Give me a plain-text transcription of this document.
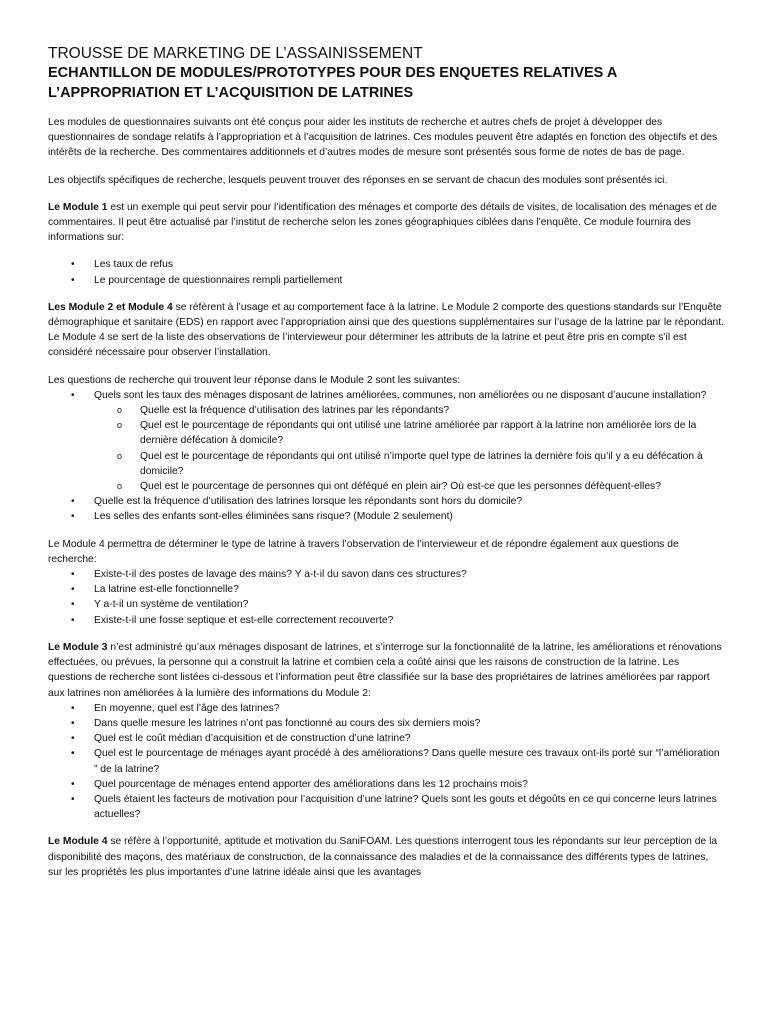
TROUSSE DE MARKETING DE L’ASSAINISSEMENT
ECHANTILLON DE MODULES/PROTOTYPES POUR DES ENQUETES RELATIVES A
L’APPROPRIATION ET L’ACQUISITION DE LATRINES

Les modules de questionnaires suivants ont été conçus pour aider les instituts de recherche et autres chefs de projet à développer des questionnaires de sondage relatifs à l’appropriation et à l’acquisition de latrines. Ces modules peuvent être adaptés en fonction des objectifs et des intérêts de la recherche. Des commentaires additionnels et d’autres modes de mesure sont présentés sous forme de notes de bas de page.

Les objectifs spécifiques de recherche, lesquels peuvent trouver des réponses en se servant de chacun des modules sont présentés ici.

Le Module 1 est un exemple qui peut servir pour l’identification des ménages et comporte des détails de visites, de localisation des ménages et de commentaires. Il peut être actualisé par l’institut de recherche selon les zones géographiques ciblées dans l’enquête. Ce module fournira des informations sur:

• Les taux de refus
• Le pourcentage de questionnaires rempli partiellement

Les Module 2 et Module 4 se réfèrent à l’usage et au comportement face à la latrine. Le Module 2 comporte des questions standards sur l’Enquête démographique et sanitaire (EDS) en rapport avec l’appropriation ainsi que des questions supplémentaires sur l’usage de la latrine par le répondant. Le Module 4 se sert de la liste des observations de l’intervieweur pour déterminer les attributs de la latrine et peut être pris en compte s’il est considéré nécessaire pour observer l’installation.

Les questions de recherche qui trouvent leur réponse dans le Module 2 sont les suivantes:

• Quels sont les taux des ménages disposant de latrines améliorées, communes, non améliorées ou ne disposant d’aucune installation?
o Quelle est la fréquence d’utilisation des latrines par les répondants?
o Quel est le pourcentage de répondants qui ont utilisé une latrine améliorée par rapport à la latrine non améliorée lors de la dernière défécation à domicile?
o Quel est le pourcentage de répondants qui ont utilisé n’importe quel type de latrines la dernière fois qu’il y a eu défécation à domicile?
o Quel est le pourcentage de personnes qui ont déféqué en plein air? Où est-ce que les personnes défèquent-elles?
• Quelle est la fréquence d’utilisation des latrines lorsque les répondants sont hors du domicile?
• Les selles des enfants sont-elles éliminées sans risque? (Module 2 seulement)

Le Module 4 permettra de déterminer le type de latrine à travers l’observation de l’intervieweur et de répondre également aux questions de recherche:

• Existe-t-il des postes de lavage des mains? Y a-t-il du savon dans ces structures?
• La latrine est-elle fonctionnelle?
• Y a-t-il un système de ventilation?
• Existe-t-il une fosse septique et est-elle correctement recouverte?

Le Module 3 n’est administré qu’aux ménages disposant de latrines, et s’interroge sur la fonctionnalité de la latrine, les améliorations et rénovations effectuées, ou prévues, la personne qui a construit la latrine et combien cela a coûté ainsi que les raisons de construction de la latrine. Les questions de recherche sont listées ci-dessous et l’information peut être classifiée sur la base des propriétaires de latrines améliorées par rapport aux latrines non améliorées à la lumière des informations du Module 2:

• En moyenne, quel est l’âge des latrines?
• Dans quelle mesure les latrines n’ont pas fonctionné au cours des six derniers mois?
• Quel est le coût médian d’acquisition et de construction d’une latrine?
• Quel est le pourcentage de ménages ayant procédé à des améliorations? Dans quelle mesure ces travaux ont-ils porté sur “l’amélioration ” de la latrine?
• Quel pourcentage de ménages entend apporter des améliorations dans les 12 prochains mois?
• Quels étaient les facteurs de motivation pour l’acquisition d’une latrine? Quels sont les gouts et dégoûts en ce qui concerne leurs latrines actuelles?

Le Module 4 se réfère à l’opportunité, aptitude et motivation du SaniFOAM. Les questions interrogent tous les répondants sur leur perception de la disponibilité des maçons, des matériaux de construction, de la connaissance des maladies et de la connaissance des différents types de latrines, sur les propriétés les plus importantes d’une latrine idéale ainsi que les avantages
